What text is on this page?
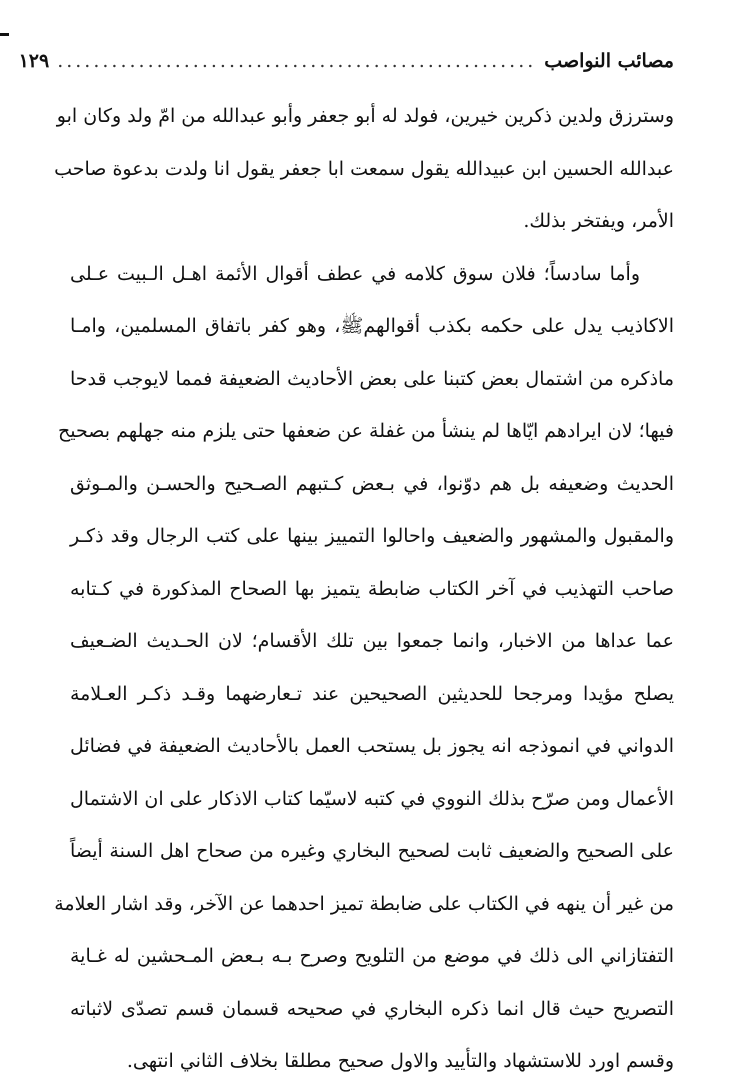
مصائب النواصب
.....................................................
١٢٩
وسترزق ولدين ذكرين خيرين، فولد له أبو جعفر وأبو عبدالله من امّ ولد وكان ابو
عبدالله الحسين ابن عبيدالله يقول سمعت ابا جعفر يقول انا ولدت بدعوة صاحب
الأمر، ويفتخر بذلك.
وأما سادساً؛ فلان سوق كلامه في عطف أقوال الأئمة اهـل الـبيت عـلى
الاكاذيب يدل على حكمه بكذب أقوالهمﷺ، وهو كفر باتفاق المسلمين، وامـا
ماذكره من اشتمال بعض كتبنا على بعض الأحاديث الضعيفة فمما لايوجب قدحا
فيها؛ لان ايرادهم ايّاها لم ينشأ من غفلة عن ضعفها حتى يلزم منه جهلهم بصحيح
الحديث وضعيفه بل هم دوّنوا، في بـعض كـتبهم الصـحيح والحسـن والمـوثق
والمقبول والمشهور والضعيف واحالوا التمييز بينها على كتب الرجال وقد ذكـر
صاحب التهذيب في آخر الكتاب ضابطة يتميز بها الصحاح المذكورة في كـتابه
عما عداها من الاخبار، وانما جمعوا بين تلك الأقسام؛ لان الحـديث الضـعيف
يصلح مؤيدا ومرجحا للحديثين الصحيحين عند تـعارضهما وقـد ذكـر العـلامة
الدواني في انموذجه انه يجوز بل يستحب العمل بالأحاديث الضعيفة في فضائل
الأعمال ومن صرّح بذلك النووي في كتبه لاسيّما كتاب الاذكار على ان الاشتمال
على الصحيح والضعيف ثابت لصحيح البخاري وغيره من صحاح اهل السنة أيضاً
من غير أن ينهه في الكتاب على ضابطة تميز احدهما عن الآخر، وقد اشار العلامة
التفتازاني الى ذلك في موضع من التلويح وصرح بـه بـعض المـحشين له غـاية
التصريح حيث قال انما ذكره البخاري في صحيحه قسمان قسم تصدّى لاثباته
وقسم اورد للاستشهاد والتأييد والاول صحيح مطلقا بخلاف الثاني انتهى.
